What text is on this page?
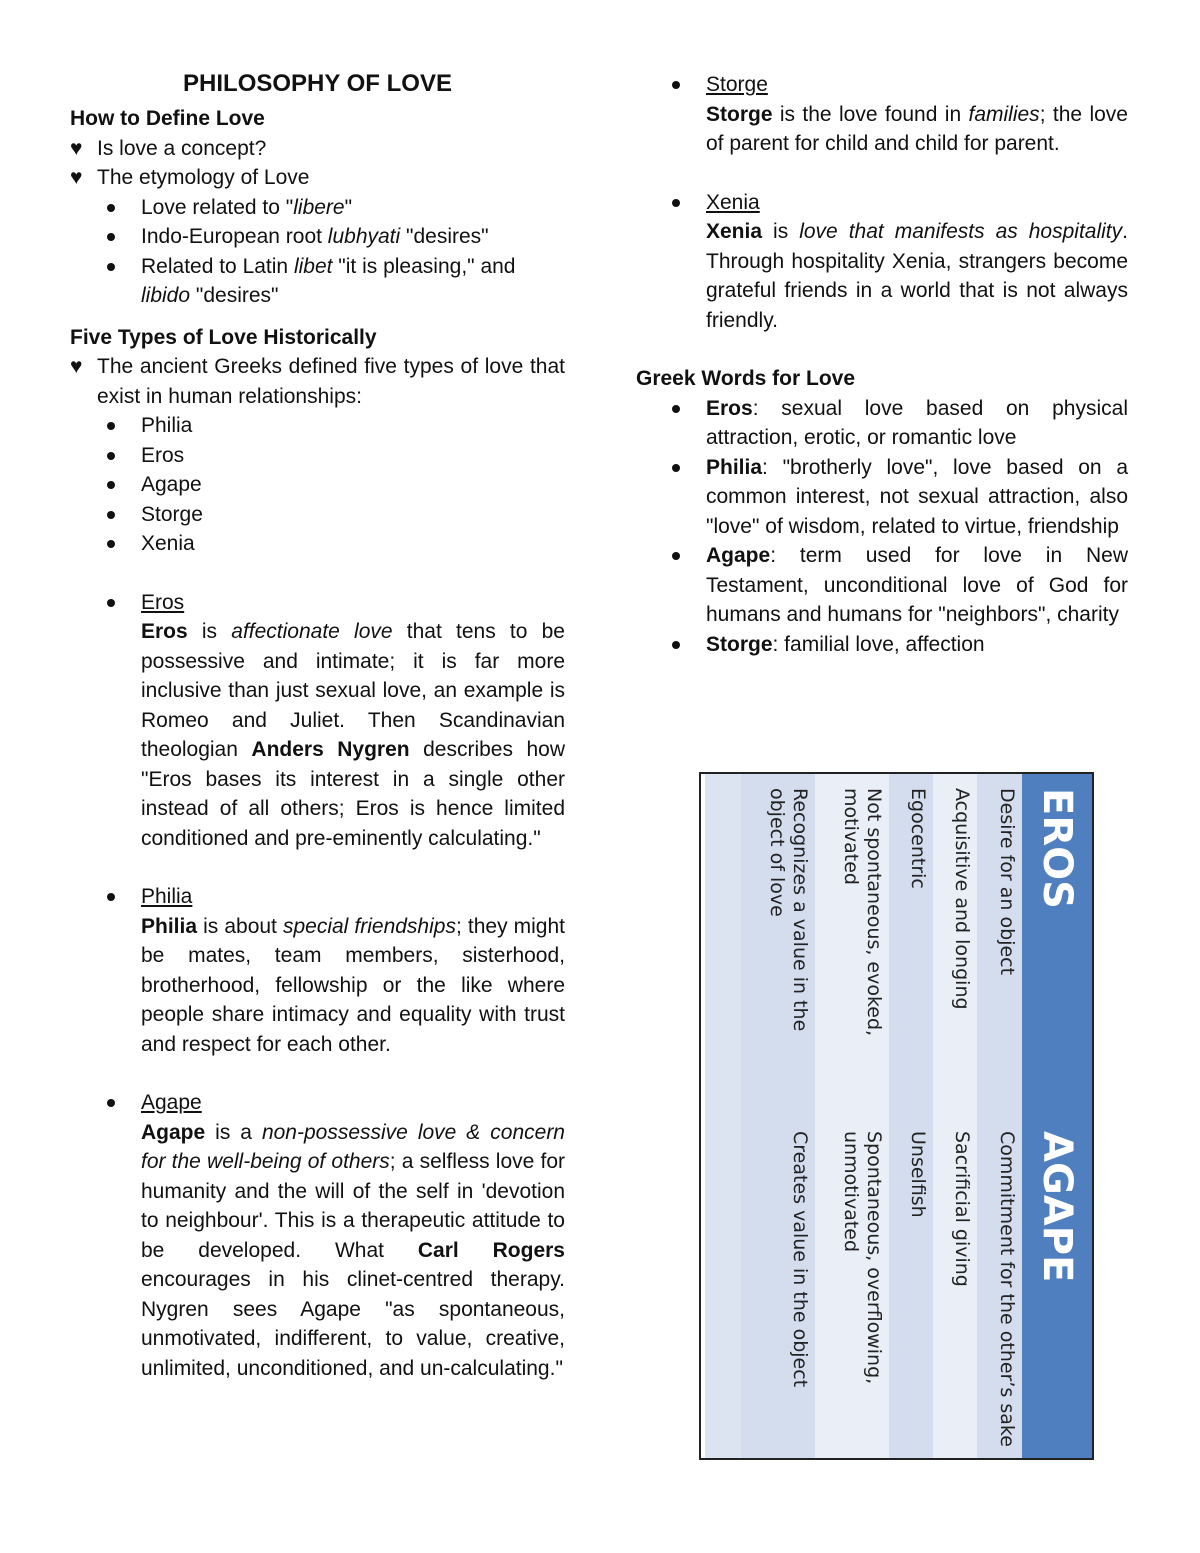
PHILOSOPHY OF LOVE
How to Define Love
♥ Is love a concept?
♥ The etymology of Love
Love related to "libere"
Indo-European root lubhyati "desires"
Related to Latin libet "it is pleasing," and libido "desires"
Five Types of Love Historically
♥ The ancient Greeks defined five types of love that exist in human relationships:
Philia
Eros
Agape
Storge
Xenia
Eros
Eros is affectionate love that tens to be possessive and intimate; it is far more inclusive than just sexual love, an example is Romeo and Juliet. Then Scandinavian theologian Anders Nygren describes how "Eros bases its interest in a single other instead of all others; Eros is hence limited conditioned and pre-eminently calculating."
Philia
Philia is about special friendships; they might be mates, team members, sisterhood, brotherhood, fellowship or the like where people share intimacy and equality with trust and respect for each other.
Agape
Agape is a non-possessive love & concern for the well-being of others; a selfless love for humanity and the will of the self in 'devotion to neighbour'. This is a therapeutic attitude to be developed. What Carl Rogers encourages in his clinet-centred therapy. Nygren sees Agape "as spontaneous, unmotivated, indifferent, to value, creative, unlimited, unconditioned, and un-calculating."
Storge
Storge is the love found in families; the love of parent for child and child for parent.
Xenia
Xenia is love that manifests as hospitality. Through hospitality Xenia, strangers become grateful friends in a world that is not always friendly.
Greek Words for Love
Eros: sexual love based on physical attraction, erotic, or romantic love
Philia: "brotherly love", love based on a common interest, not sexual attraction, also "love" of wisdom, related to virtue, friendship
Agape: term used for love in New Testament, unconditional love of God for humans and humans for "neighbors", charity
Storge: familial love, affection
EROS
AGAPE
Desire for an object
Commitment for the other’s sake
Acquisitive and longing
Sacrificial giving
Egocentric
Unselfish
Not spontaneous, evoked, motivated
Spontaneous, overflowing, unmotivated
Recognizes a value in the object of love
Creates value in the object
